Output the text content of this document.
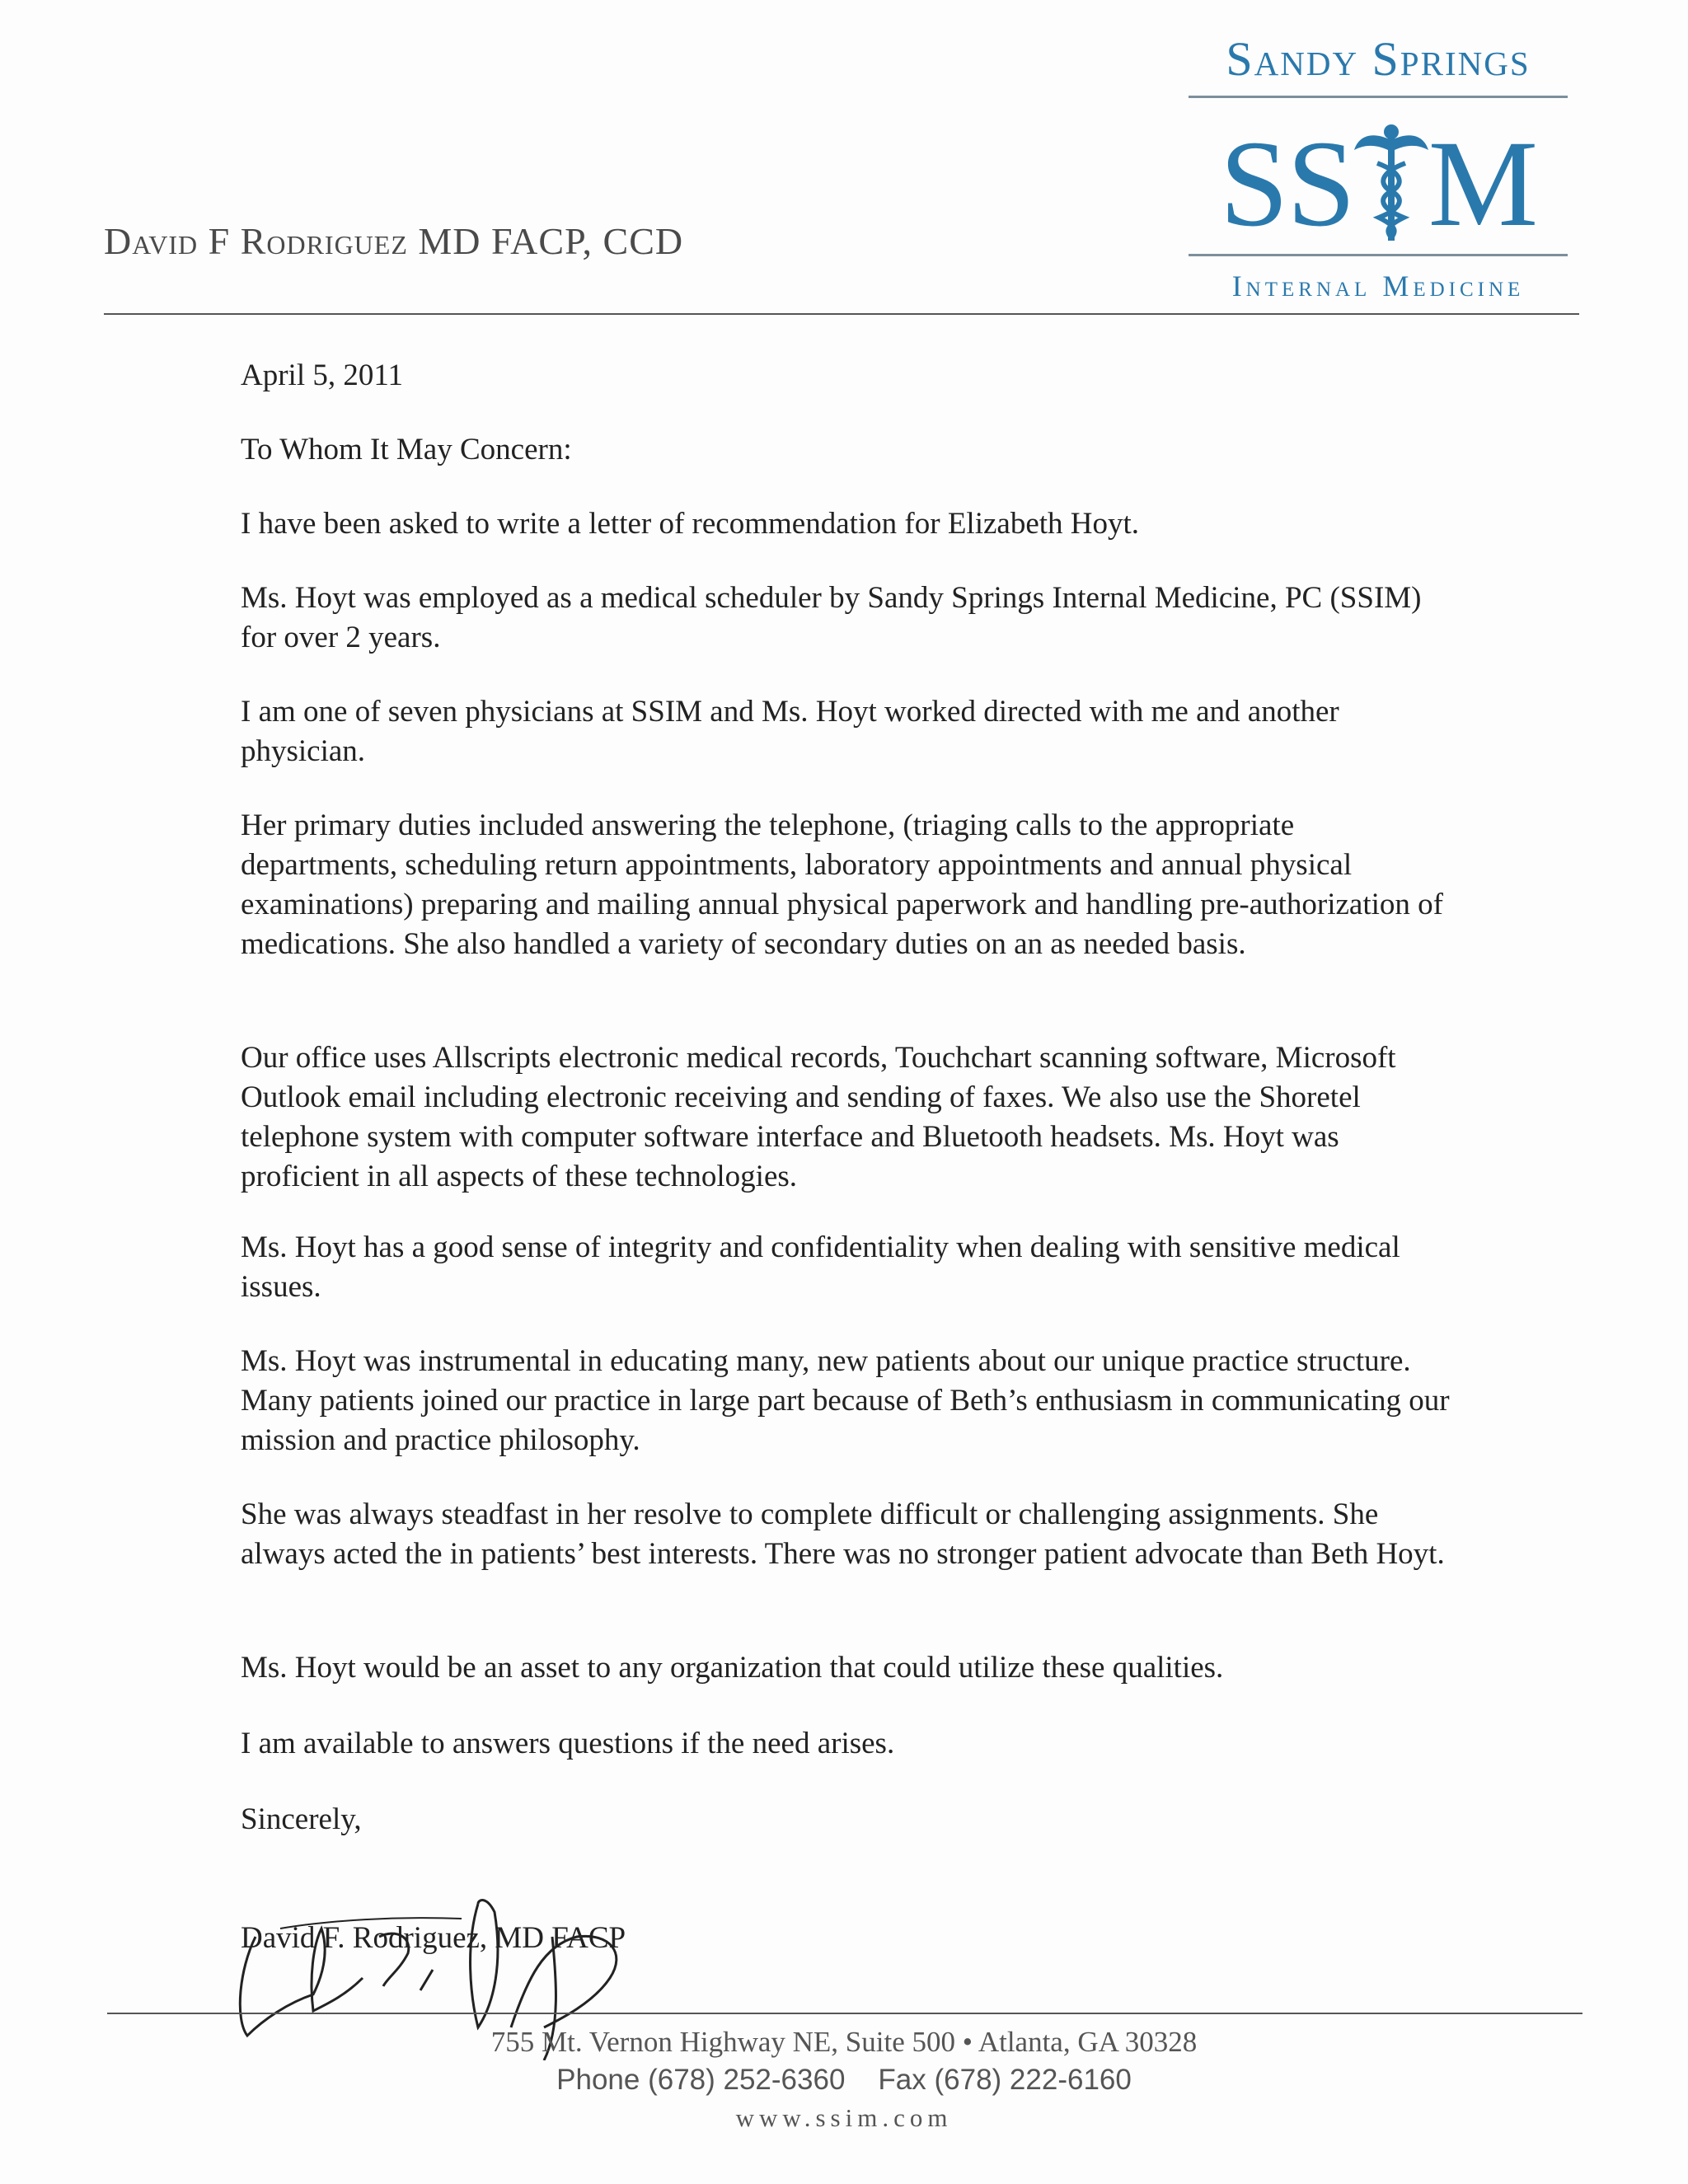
Sandy Springs
SS M
Internal Medicine
David F Rodriguez MD FACP, CCD
April 5, 2011
To Whom It May Concern:

I have been asked to write a letter of recommendation for Elizabeth Hoyt.

Ms. Hoyt was employed as a medical scheduler by Sandy Springs Internal Medicine, PC (SSIM) for over 2 years.

I am one of seven physicians at SSIM and Ms. Hoyt worked directed with me and another physician.

Her primary duties included answering the telephone, (triaging calls to the appropriate departments, scheduling return appointments, laboratory appointments and annual physical examinations) preparing and mailing annual physical paperwork and handling pre-authorization of medications. She also handled a variety of secondary duties on an as needed basis.

Our office uses Allscripts electronic medical records, Touchchart scanning software, Microsoft Outlook email including electronic receiving and sending of faxes. We also use the Shoretel telephone system with computer software interface and Bluetooth headsets. Ms. Hoyt was proficient in all aspects of these technologies.

Ms. Hoyt has a good sense of integrity and confidentiality when dealing with sensitive medical issues.

Ms. Hoyt was instrumental in educating many, new patients about our unique practice structure. Many patients joined our practice in large part because of Beth’s enthusiasm in communicating our mission and practice philosophy.

She was always steadfast in her resolve to complete difficult or challenging assignments. She always acted the in patients’ best interests. There was no stronger patient advocate than Beth Hoyt.

Ms. Hoyt would be an asset to any organization that could utilize these qualities.

I am available to answers questions if the need arises.

Sincerely,
David F. Rodriguez, MD FACP
755 Mt. Vernon Highway NE, Suite 500 • Atlanta, GA 30328
Phone (678) 252-6360 Fax (678) 222-6160
www.ssim.com
